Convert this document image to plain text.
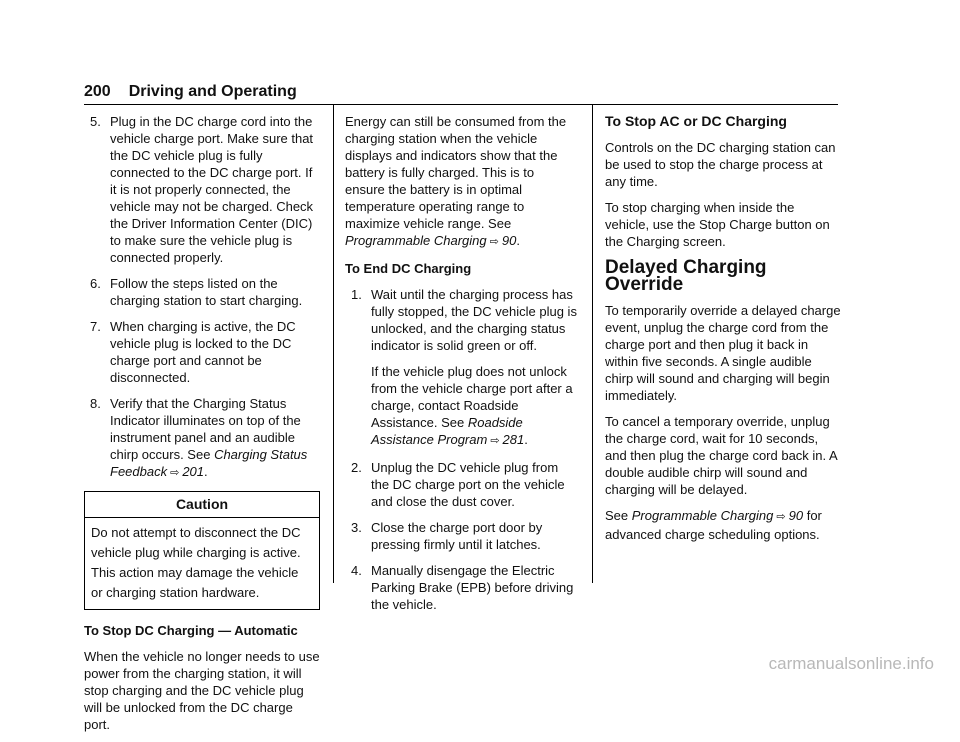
200 Driving and Operating
5. Plug in the DC charge cord into the vehicle charge port. Make sure that the DC vehicle plug is fully connected to the DC charge port. If it is not properly connected, the vehicle may not be charged. Check the Driver Information Center (DIC) to make sure the vehicle plug is connected properly.
6. Follow the steps listed on the charging station to start charging.
7. When charging is active, the DC vehicle plug is locked to the DC charge port and cannot be disconnected.
8. Verify that the Charging Status Indicator illuminates on top of the instrument panel and an audible chirp occurs. See Charging Status Feedback ⇨ 201.
Caution
Do not attempt to disconnect the DC vehicle plug while charging is active. This action may damage the vehicle or charging station hardware.

To Stop DC Charging — Automatic

When the vehicle no longer needs to use power from the charging station, it will stop charging and the DC vehicle plug will be unlocked from the DC charge port.

Energy can still be consumed from the charging station when the vehicle displays and indicators show that the battery is fully charged. This is to ensure the battery is in optimal temperature operating range to maximize vehicle range. See Programmable Charging ⇨ 90.

To End DC Charging

1. Wait until the charging process has fully stopped, the DC vehicle plug is unlocked, and the charging status indicator is solid green or off.
If the vehicle plug does not unlock from the vehicle charge port after a charge, contact Roadside Assistance. See Roadside Assistance Program ⇨ 281.
2. Unplug the DC vehicle plug from the DC charge port on the vehicle and close the dust cover.
3. Close the charge port door by pressing firmly until it latches.
4. Manually disengage the Electric Parking Brake (EPB) before driving the vehicle.

To Stop AC or DC Charging

Controls on the DC charging station can be used to stop the charge process at any time.

To stop charging when inside the vehicle, use the Stop Charge button on the Charging screen.

Delayed Charging Override

To temporarily override a delayed charge event, unplug the charge cord from the charge port and then plug it back in within five seconds. A single audible chirp will sound and charging will begin immediately.

To cancel a temporary override, unplug the charge cord, wait for 10 seconds, and then plug the charge cord back in. A double audible chirp will sound and charging will be delayed.

See Programmable Charging ⇨ 90 for advanced charge scheduling options.

carmanualsonline.info
